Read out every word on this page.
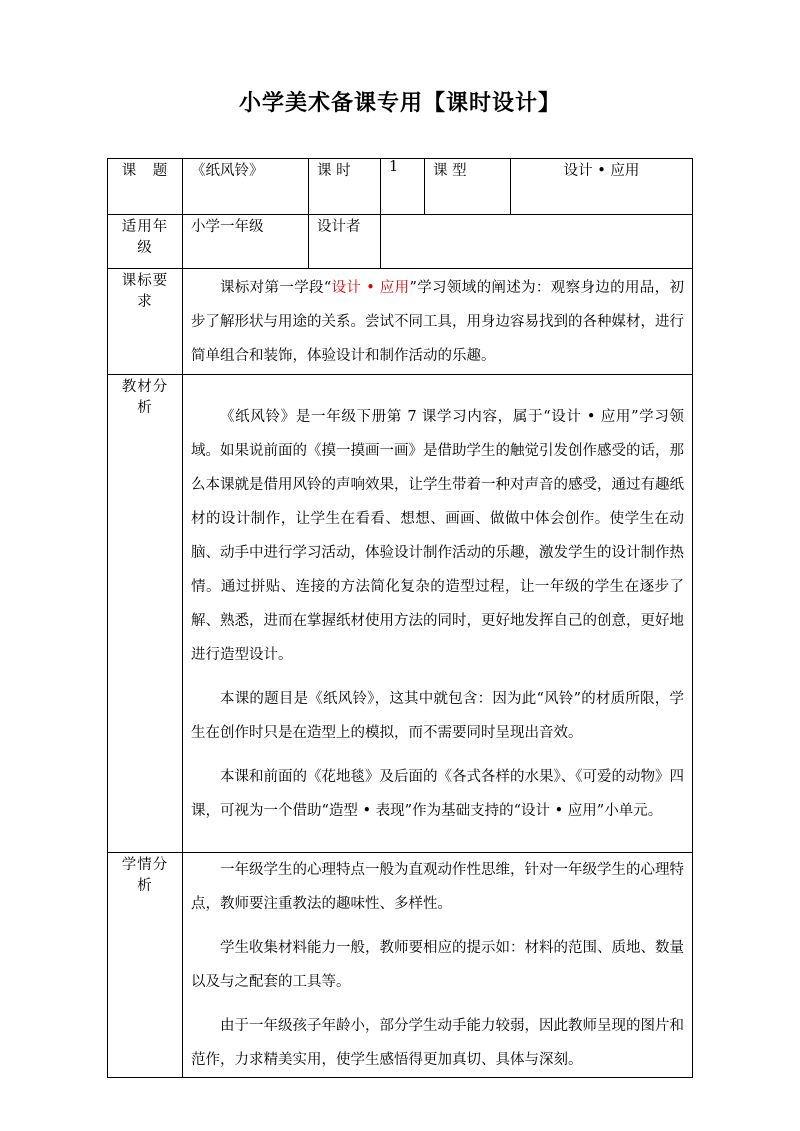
小学美术备课专用【课时设计】
课　题	《纸风铃》	课 时	1	课 型	设计 • 应用
适用年级	小学一年级	设计者			
课标要求	课标对第一学段“设计 • 应用”学习领域的阐述为：观察身边的用品，初步了解形状与用途的关系。尝试不同工具，用身边容易找到的各种媒材，进行简单组合和装饰，体验设计和制作活动的乐趣。				

教材分析	《纸风铃》是一年级下册第 7 课学习内容，属于“设计 • 应用”学习领域。如果说前面的《摸一摸画一画》是借助学生的触觉引发创作感受的话，那么本课就是借用风铃的声响效果，让学生带着一种对声音的感受，通过有趣纸材的设计制作，让学生在看看、想想、画画、做做中体会创作。使学生在动脑、动手中进行学习活动，体验设计制作活动的乐趣，激发学生的设计制作热情。通过拼贴、连接的方法简化复杂的造型过程，让一年级的学生在逐步了解、熟悉，进而在掌握纸材使用方法的同时，更好地发挥自己的创意，更好地进行造型设计。

本课的题目是《纸风铃》，这其中就包含：因为此“风铃”的材质所限，学生在创作时只是在造型上的模拟，而不需要同时呈现出音效。

本课和前面的《花地毯》及后面的《各式各样的水果》、《可爱的动物》四课，可视为一个借助“造型 • 表现”作为基础支持的“设计 • 应用”小单元。				

学情分析	一年级学生的心理特点一般为直观动作性思维，针对一年级学生的心理特点，教师要注重教法的趣味性、多样性。

学生收集材料能力一般，教师要相应的提示如：材料的范围、质地、数量以及与之配套的工具等。

由于一年级孩子年龄小，部分学生动手能力较弱，因此教师呈现的图片和范作，力求精美实用，使学生感悟得更加真切、具体与深刻。				
